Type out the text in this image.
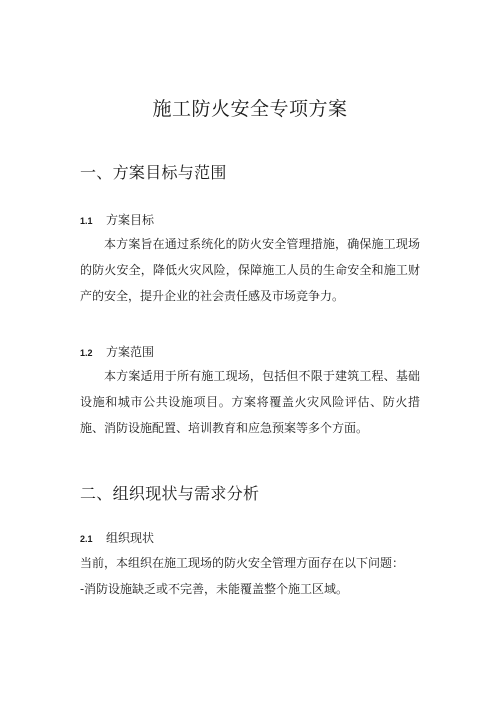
施工防火安全专项方案
一、方案目标与范围
1.1 方案目标

本方案旨在通过系统化的防火安全管理措施，确保施工现场的防火安全，降低火灾风险，保障施工人员的生命安全和施工财产的安全，提升企业的社会责任感及市场竞争力。

1.2 方案范围

本方案适用于所有施工现场，包括但不限于建筑工程、基础设施和城市公共设施项目。方案将覆盖火灾风险评估、防火措施、消防设施配置、培训教育和应急预案等多个方面。

二、组织现状与需求分析
2.1 组织现状

当前，本组织在施工现场的防火安全管理方面存在以下问题：

-消防设施缺乏或不完善，未能覆盖整个施工区域。
